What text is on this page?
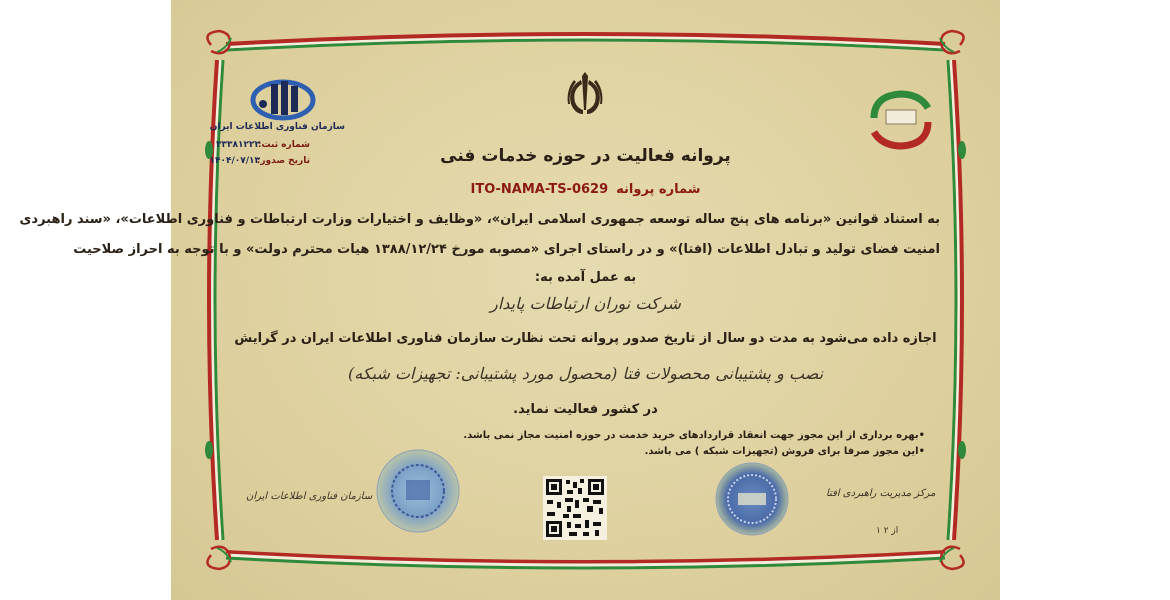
سازمان فناوری اطلاعات ایران
شماره ثبت:
۳۳۳۸۱۲۲۲
تاریخ صدور:
۱۴۰۴/۰۷/۱۳	پروانه فعالیت در حوزه خدمات فنی
شماره پروانهITO-NAMA-TS-0629
به استناد قوانین «برنامه های پنج ساله توسعه جمهوری اسلامی ایران»، «وظایف و اختیارات وزارت ارتباطات و فناوری اطلاعات»، «سند راهبردی
امنیت فضای تولید و تبادل اطلاعات (افتا)» و در راستای اجرای «مصوبه مورخ ۱۳۸۸/۱۲/۲۴ هیات محترم دولت» و با توجه به احراز صلاحیت
به عمل آمده به:
شرکت نوران ارتباطات پایدار
اجازه داده می‌شود به مدت دو سال از تاریخ صدور پروانه تحت نظارت سازمان فناوری اطلاعات ایران در گرایش
نصب و پشتیبانی محصولات فتا (محصول مورد پشتیبانی: تجهیزات شبکه)
در کشور فعالیت نماید.
•بهره برداری از این مجوز جهت انعقاد قراردادهای خرید خدمت در حوزه امنیت مجاز نمی باشد.
•این مجوز صرفا برای فروش (تجهیزات شبکه ) می باشد.
سازمان فناوری اطلاعات ایران	مرکز مدیریت راهبردی افتا
۱ از ۲
